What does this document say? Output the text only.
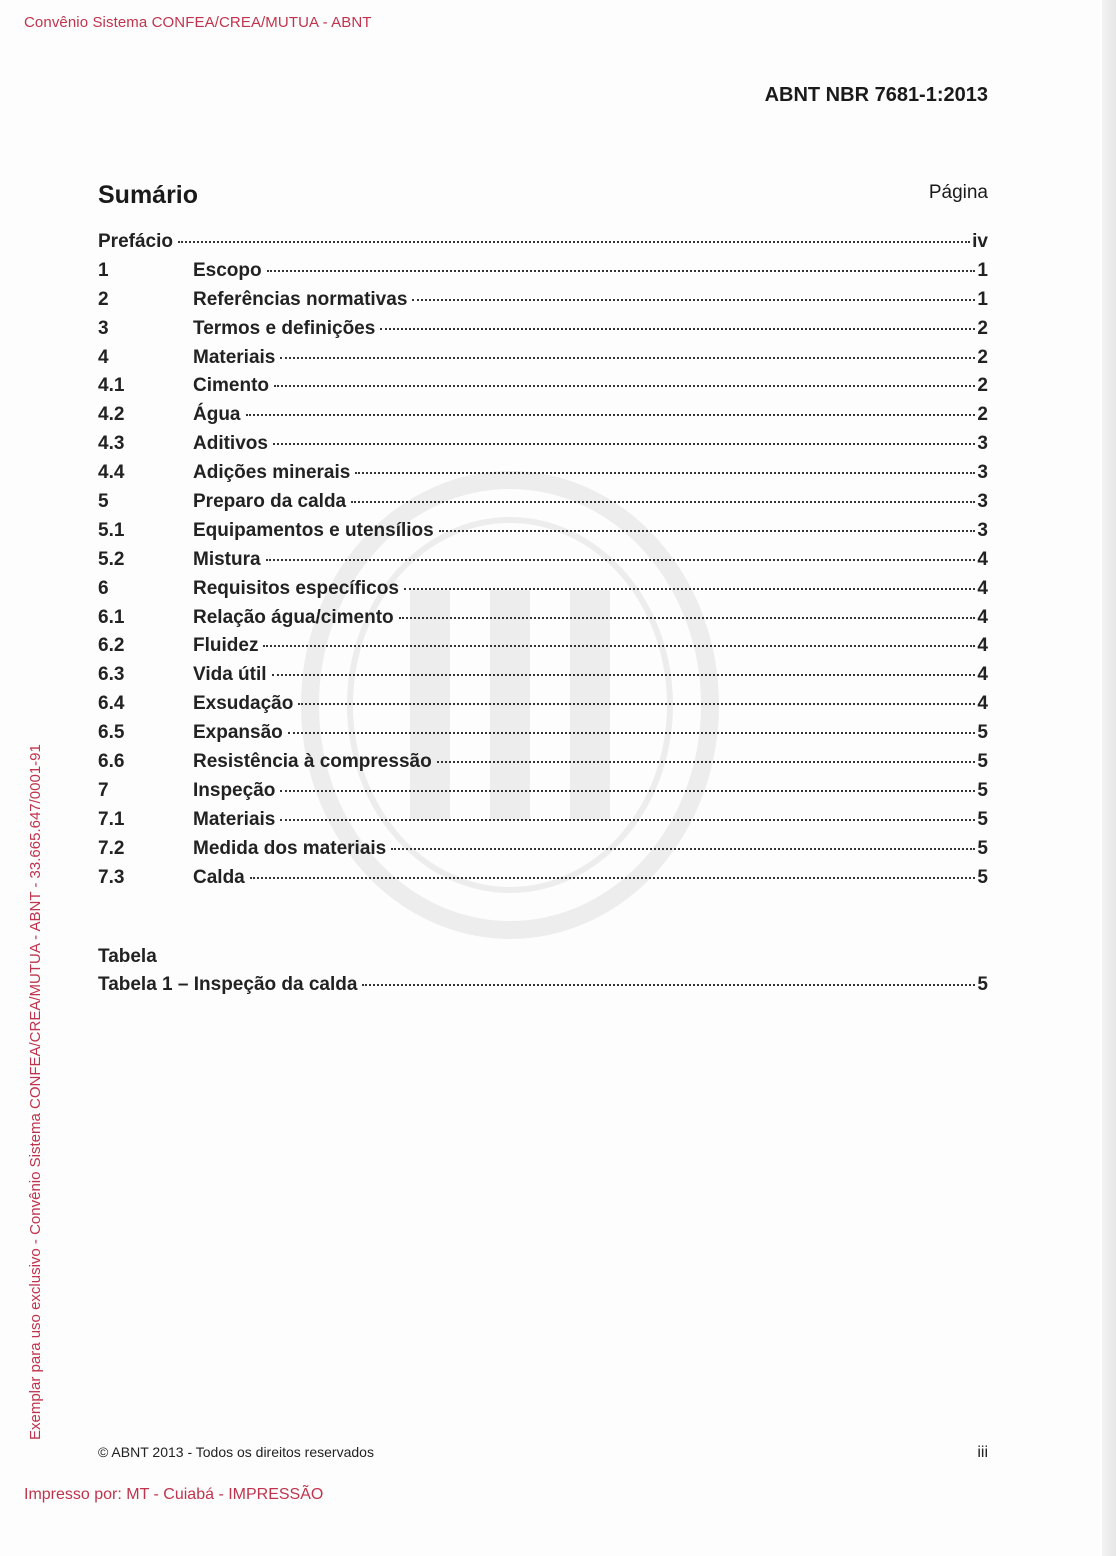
Convênio Sistema CONFEA/CREA/MUTUA - ABNT
ABNT NBR 7681-1:2013
Sumário	Página
Prefácio	iv
1	Escopo	1
2	Referências normativas	1
3	Termos e definições	2
4	Materiais	2
4.1	Cimento	2
4.2	Água	2
4.3	Aditivos	3
4.4	Adições minerais	3
5	Preparo da calda	3
5.1	Equipamentos e utensílios	3
5.2	Mistura	4
6	Requisitos específicos	4
6.1	Relação água/cimento	4
6.2	Fluidez	4
6.3	Vida útil	4
6.4	Exsudação	4
6.5	Expansão	5
6.6	Resistência à compressão	5
7	Inspeção	5
7.1	Materiais	5
7.2	Medida dos materiais	5
7.3	Calda	5
Tabela
Tabela 1 – Inspeção da calda	5
© ABNT 2013 - Todos os direitos reservados	iii
Impresso por: MT - Cuiabá - IMPRESSÃO
Exemplar para uso exclusivo - Convênio Sistema CONFEA/CREA/MUTUA - ABNT - 33.665.647/0001-91
